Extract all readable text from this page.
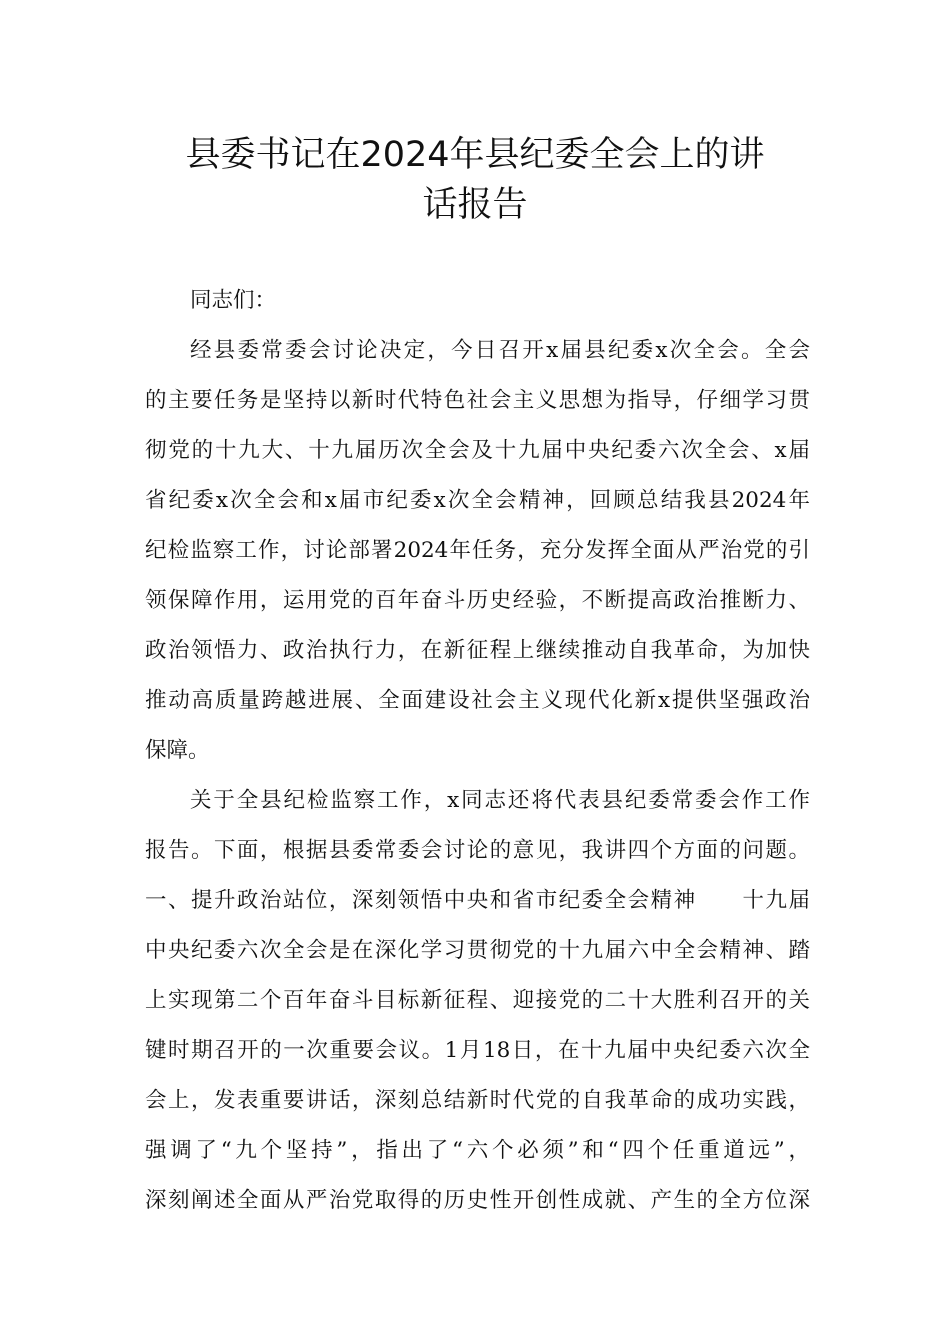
县委书记在2024年县纪委全会上的讲
话报告
同志们：
经县委常委会讨论决定，今日召开x届县纪委x次全会。全会
的主要任务是坚持以新时代特色社会主义思想为指导，仔细学习贯
彻党的十九大、十九届历次全会及十九届中央纪委六次全会、x届
省纪委x次全会和x届市纪委x次全会精神，回顾总结我县2024年
纪检监察工作，讨论部署2024年任务，充分发挥全面从严治党的引
领保障作用，运用党的百年奋斗历史经验，不断提高政治推断力、
政治领悟力、政治执行力，在新征程上继续推动自我革命，为加快
推动高质量跨越进展、全面建设社会主义现代化新x提供坚强政治
保障。
关于全县纪检监察工作，x同志还将代表县纪委常委会作工作
报告。下面，根据县委常委会讨论的意见，我讲四个方面的问题。
一、提升政治站位，深刻领悟中央和省市纪委全会精神　　十九届
中央纪委六次全会是在深化学习贯彻党的十九届六中全会精神、踏
上实现第二个百年奋斗目标新征程、迎接党的二十大胜利召开的关
键时期召开的一次重要会议。1月18日，在十九届中央纪委六次全
会上，发表重要讲话，深刻总结新时代党的自我革命的成功实践，
强调了“九个坚持”，指出了“六个必须”和“四个任重道远”，
深刻阐述全面从严治党取得的历史性开创性成就、产生的全方位深
